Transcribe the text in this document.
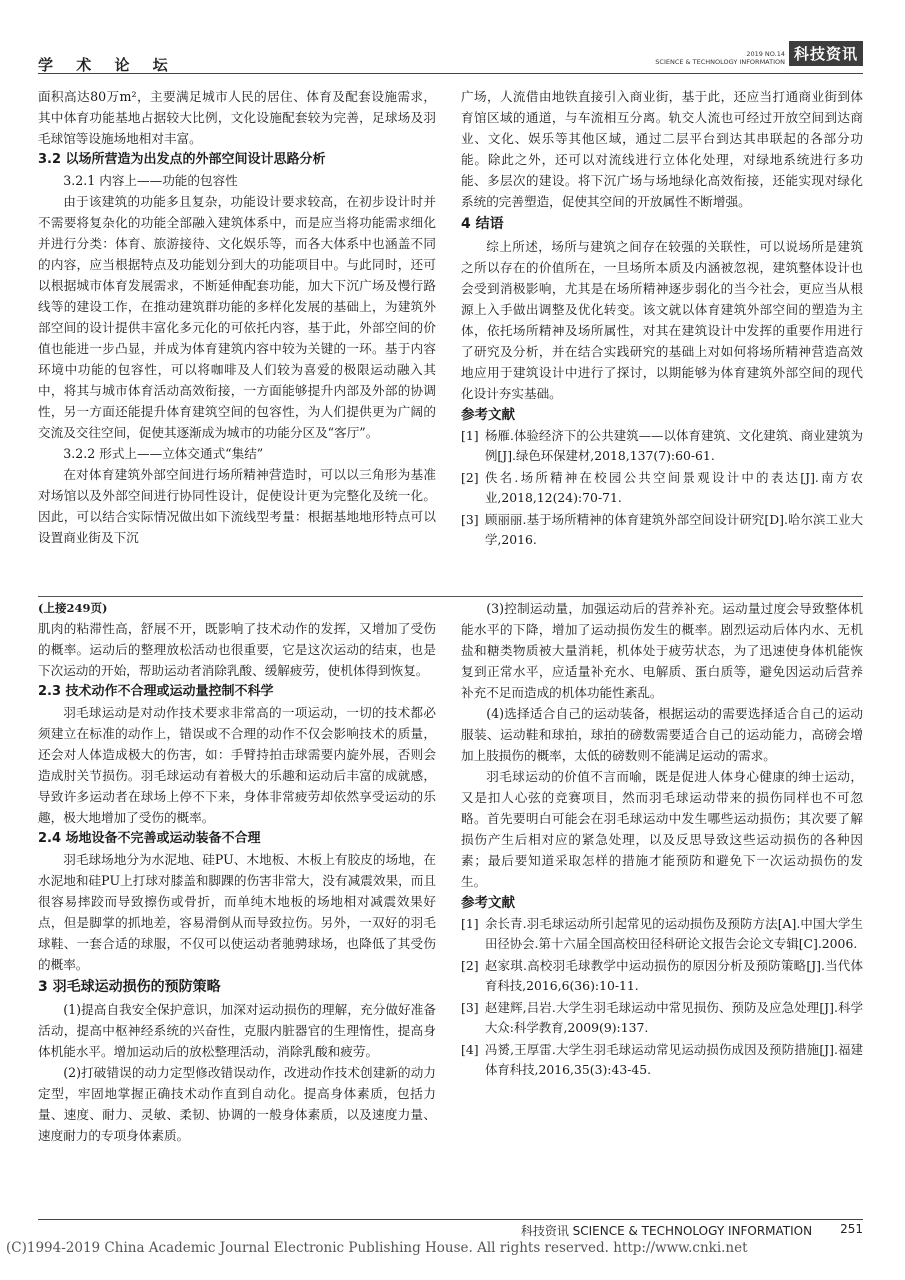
学 术 论 坛
2019 NO.14
SCIENCE & TECHNOLOGY INFORMATION 科技资讯

面积高达80万m²，主要满足城市人民的居住、体育及配套设施需求，其中体育功能基地占据较大比例，文化设施配套较为完善，足球场及羽毛球馆等设施场地相对丰富。

3.2 以场所营造为出发点的外部空间设计思路分析

3.2.1 内容上——功能的包容性

由于该建筑的功能多且复杂，功能设计要求较高，在初步设计时并不需要将复杂化的功能全部融入建筑体系中，而是应当将功能需求细化并进行分类：体育、旅游接待、文化娱乐等，而各大体系中也涵盖不同的内容，应当根据特点及功能划分到大的功能项目中。与此同时，还可以根据城市体育发展需求，不断延伸配套功能，加大下沉广场及慢行路线等的建设工作，在推动建筑群功能的多样化发展的基础上，为建筑外部空间的设计提供丰富化多元化的可依托内容，基于此，外部空间的价值也能进一步凸显，并成为体育建筑内容中较为关键的一环。基于内容环境中功能的包容性，可以将咖啡及人们较为喜爱的极限运动融入其中，将其与城市体育活动高效衔接，一方面能够提升内部及外部的协调性，另一方面还能提升体育建筑空间的包容性，为人们提供更为广阔的交流及交往空间，促使其逐渐成为城市的功能分区及“客厅”。

3.2.2 形式上——立体交通式“集结”

在对体育建筑外部空间进行场所精神营造时，可以以三角形为基准对场馆以及外部空间进行协同性设计，促使设计更为完整化及统一化。因此，可以结合实际情况做出如下流线型考量：根据基地地形特点可以设置商业街及下沉

广场，人流借由地铁直接引入商业街，基于此，还应当打通商业街到体育馆区域的通道，与车流相互分离。轨交人流也可经过开放空间到达商业、文化、娱乐等其他区域，通过二层平台到达其串联起的各部分功能。除此之外，还可以对流线进行立体化处理，对绿地系统进行多功能、多层次的建设。将下沉广场与场地绿化高效衔接，还能实现对绿化系统的完善塑造，促使其空间的开放属性不断增强。

4 结语

综上所述，场所与建筑之间存在较强的关联性，可以说场所是建筑之所以存在的价值所在，一旦场所本质及内涵被忽视，建筑整体设计也会受到消极影响，尤其是在场所精神逐步弱化的当今社会，更应当从根源上入手做出调整及优化转变。该文就以体育建筑外部空间的塑造为主体，依托场所精神及场所属性，对其在建筑设计中发挥的重要作用进行了研究及分析，并在结合实践研究的基础上对如何将场所精神营造高效地应用于建筑设计中进行了探讨，以期能够为体育建筑外部空间的现代化设计夯实基础。

参考文献

[1] 杨雁.体验经济下的公共建筑——以体育建筑、文化建筑、商业建筑为例[J].绿色环保建材,2018,137(7):60-61.
[2] 佚名.场所精神在校园公共空间景观设计中的表达[J].南方农业,2018,12(24):70-71.
[3] 顾丽丽.基于场所精神的体育建筑外部空间设计研究[D].哈尔滨工业大学,2016.

(上接249页)

肌肉的粘滞性高，舒展不开，既影响了技术动作的发挥，又增加了受伤的概率。运动后的整理放松活动也很重要，它是这次运动的结束，也是下次运动的开始，帮助运动者消除乳酸、缓解疲劳，使机体得到恢复。

2.3 技术动作不合理或运动量控制不科学

羽毛球运动是对动作技术要求非常高的一项运动，一切的技术都必须建立在标准的动作上，错误或不合理的动作不仅会影响技术的质量，还会对人体造成极大的伤害，如：手臂持拍击球需要内旋外展，否则会造成肘关节损伤。羽毛球运动有着极大的乐趣和运动后丰富的成就感，导致许多运动者在球场上停不下来，身体非常疲劳却依然享受运动的乐趣，极大地增加了受伤的概率。

2.4 场地设备不完善或运动装备不合理

羽毛球场地分为水泥地、硅PU、木地板、木板上有胶皮的场地，在水泥地和硅PU上打球对膝盖和脚踝的伤害非常大，没有减震效果，而且很容易摔跤而导致擦伤或骨折，而单纯木地板的场地相对减震效果好点，但是脚掌的抓地差，容易滑倒从而导致拉伤。另外，一双好的羽毛球鞋、一套合适的球服，不仅可以使运动者驰骋球场，也降低了其受伤的概率。

3 羽毛球运动损伤的预防策略

(1)提高自我安全保护意识，加深对运动损伤的理解，充分做好准备活动，提高中枢神经系统的兴奋性，克服内脏器官的生理惰性，提高身体机能水平。增加运动后的放松整理活动，消除乳酸和疲劳。

(2)打破错误的动力定型修改错误动作，改进动作技术创建新的动力定型，牢固地掌握正确技术动作直到自动化。提高身体素质，包括力量、速度、耐力、灵敏、柔韧、协调的一般身体素质，以及速度力量、速度耐力的专项身体素质。

(3)控制运动量，加强运动后的营养补充。运动量过度会导致整体机能水平的下降，增加了运动损伤发生的概率。剧烈运动后体内水、无机盐和糖类物质被大量消耗，机体处于疲劳状态，为了迅速使身体机能恢复到正常水平，应适量补充水、电解质、蛋白质等，避免因运动后营养补充不足而造成的机体功能性紊乱。

(4)选择适合自己的运动装备，根据运动的需要选择适合自己的运动服装、运动鞋和球拍，球拍的磅数需要适合自己的运动能力，高磅会增加上肢损伤的概率，太低的磅数则不能满足运动的需求。

羽毛球运动的价值不言而喻，既是促进人体身心健康的绅士运动，又是扣人心弦的竞赛项目，然而羽毛球运动带来的损伤同样也不可忽略。首先要明白可能会在羽毛球运动中发生哪些运动损伤；其次要了解损伤产生后相对应的紧急处理，以及反思导致这些运动损伤的各种因素；最后要知道采取怎样的措施才能预防和避免下一次运动损伤的发生。

参考文献

[1] 余长青.羽毛球运动所引起常见的运动损伤及预防方法[A].中国大学生田径协会.第十六届全国高校田径科研论文报告会论文专辑[C].2006.
[2] 赵家琪.高校羽毛球教学中运动损伤的原因分析及预防策略[J].当代体育科技,2016,6(36):10-11.
[3] 赵建辉,吕岩.大学生羽毛球运动中常见损伤、预防及应急处理[J].科学大众:科学教育,2009(9):137.
[4] 冯赟,王厚雷.大学生羽毛球运动常见运动损伤成因及预防措施[J].福建体育科技,2016,35(3):43-45.
科技资讯 SCIENCE & TECHNOLOGY INFORMATION 251
(C)1994-2019 China Academic Journal Electronic Publishing House. All rights reserved. http://www.cnki.net
